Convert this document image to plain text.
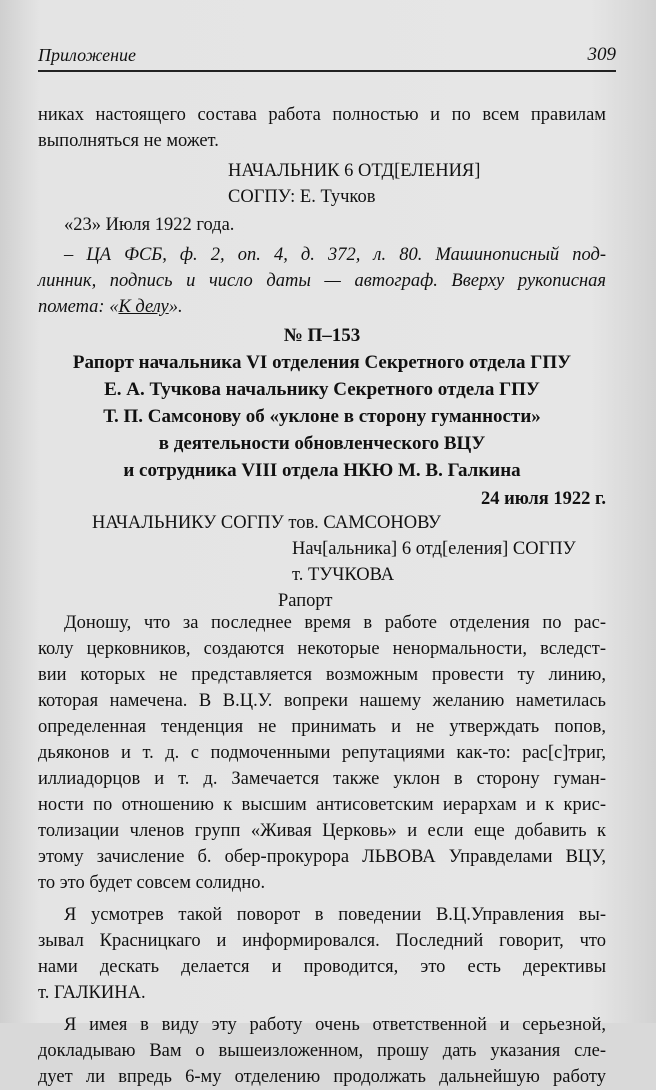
Приложение	309

никах настоящего состава работа полностью и по всем правилам

выполняться не может.

НАЧАЛЬНИК 6 ОТД[ЕЛЕНИЯ]

СОГПУ: Е. Тучков

«23» Июля 1922 года.

– ЦА ФСБ, ф. 2, оп. 4, д. 372, л. 80. Машинописный под-

линник, подпись и число даты — автограф. Вверху рукописная

помета: «К делу».

№ П–153

Рапорт начальника VI отделения Секретного отдела ГПУ

Е. А. Тучкова начальнику Секретного отдела ГПУ

Т. П. Самсонову об «уклоне в сторону гуманности»

в деятельности обновленческого ВЦУ

и сотрудника VIII отдела НКЮ М. В. Галкина

24 июля 1922 г.

НАЧАЛЬНИКУ СОГПУ тов. САМСОНОВУ

Нач[альника] 6 отд[еления] СОГПУ

т. ТУЧКОВА

Рапорт

Доношу, что за последнее время в работе отделения по рас-

колу церковников, создаются некоторые ненормальности, вследст-

вии которых не представляется возможным провести ту линию,

которая намечена. В В.Ц.У. вопреки нашему желанию наметилась

определенная тенденция не принимать и не утверждать попов,

дьяконов и т. д. с подмоченными репутациями как-то: рас[с]триг,

иллиадорцов и т. д. Замечается также уклон в сторону гуман-

ности по отношению к высшим антисоветским иерархам и к крис-

толизации членов групп «Живая Церковь» и если еще добавить к

этому зачисление б. обер-прокурора ЛЬВОВА Управделами ВЦУ,

то это будет совсем солидно.

Я усмотрев такой поворот в поведении В.Ц.Управления вы-

зывал Красницкаго и информировался. Последний говорит, что

нами дескать делается и проводится, это есть дерективы

т. ГАЛКИНА.

Я имея в виду эту работу очень ответственной и серьезной,

докладываю Вам о вышеизложенном, прошу дать указания сле-

дует ли впредь 6-му отделению продолжать дальнейшую работу
